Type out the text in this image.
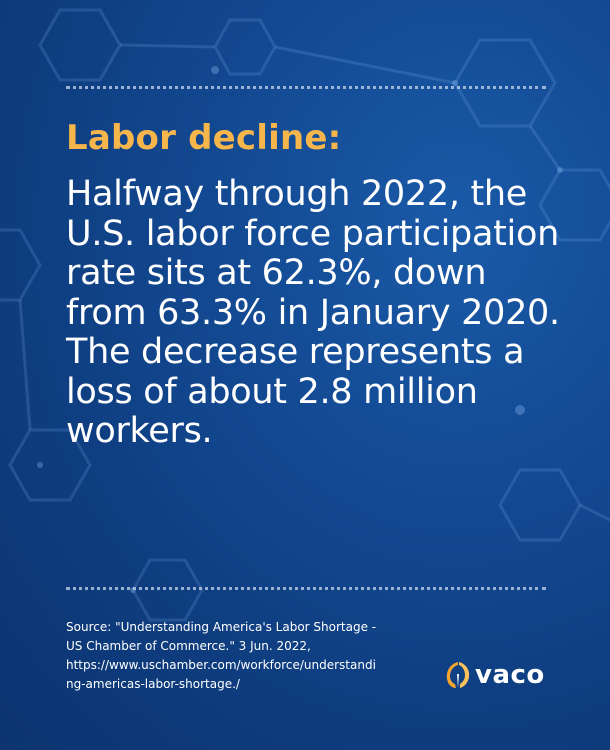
Labor decline:
Halfway through 2022, the U.S. labor force participation rate sits at 62.3%, down from 63.3% in January 2020. The decrease represents a loss of about 2.8 million workers.
Source: "Understanding America's Labor Shortage -
US Chamber of Commerce." 3 Jun. 2022,
https://www.uschamber.com/workforce/understandi
ng-americas-labor-shortage./	vaco
